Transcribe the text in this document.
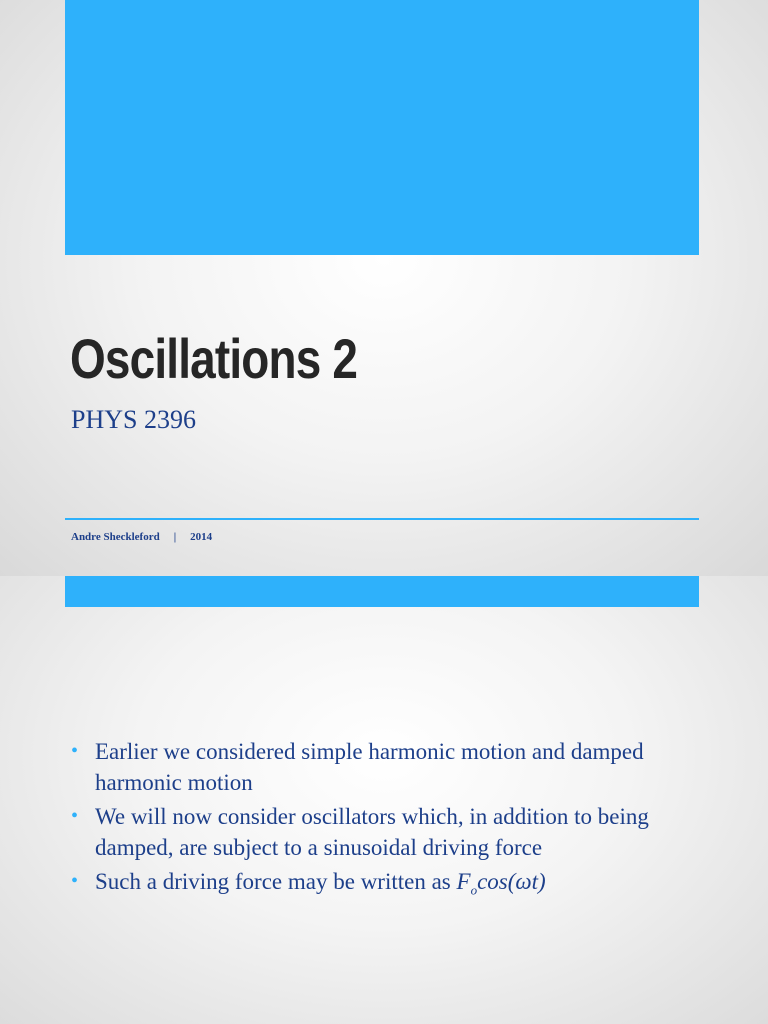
Oscillations 2

PHYS 2396

Andre Sheckleford | 2014
• Earlier we considered simple harmonic motion and damped harmonic motion
• We will now consider oscillators which, in addition to being damped, are subject to a sinusoidal driving force
• Such a driving force may be written as $F_o\cos(\omega t)$
